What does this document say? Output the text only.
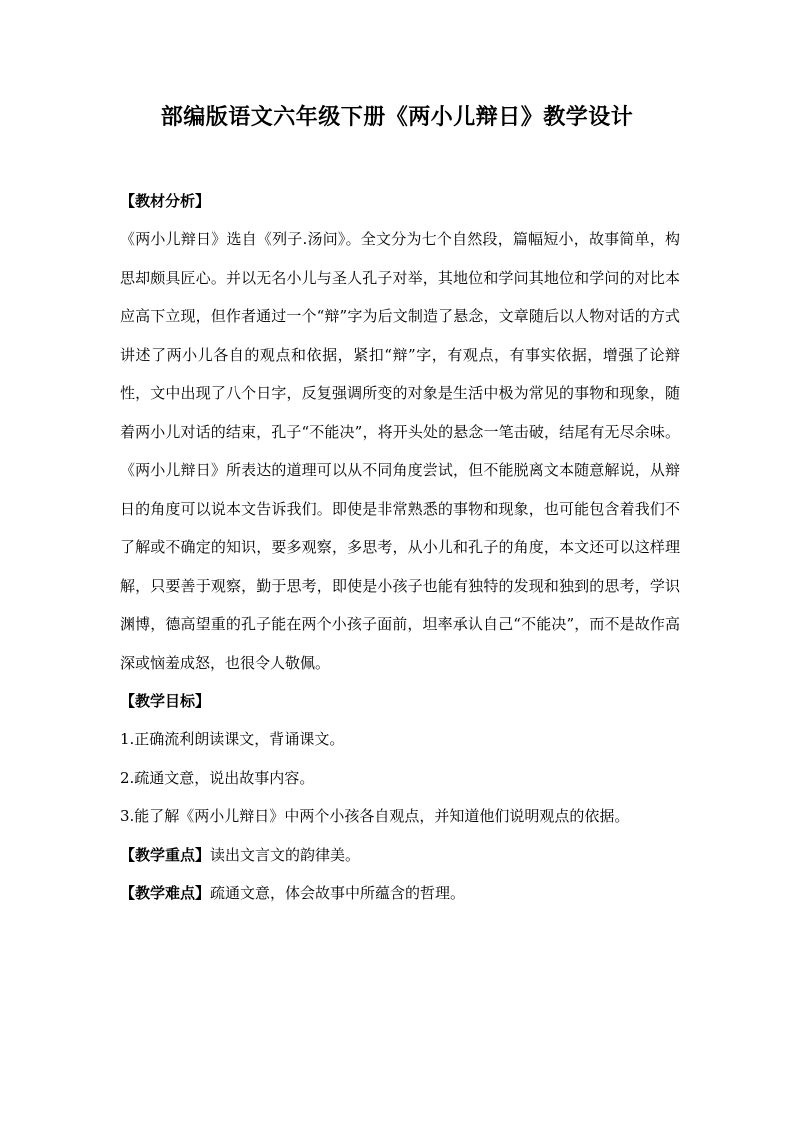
部编版语文六年级下册《两小儿辩日》教学设计
【教材分析】

《两小儿辩日》选自《列子.汤问》。全文分为七个自然段，篇幅短小，故事简单，构思却颇具匠心。并以无名小儿与圣人孔子对举，其地位和学问其地位和学问的对比本应高下立现，但作者通过一个“辩”字为后文制造了悬念，文章随后以人物对话的方式讲述了两小儿各自的观点和依据，紧扣“辩”字，有观点，有事实依据，增强了论辩性，文中出现了八个日字，反复强调所变的对象是生活中极为常见的事物和现象，随着两小儿对话的结束，孔子“不能决”，将开头处的悬念一笔击破，结尾有无尽余味。《两小儿辩日》所表达的道理可以从不同角度尝试，但不能脱离文本随意解说，从辩日的角度可以说本文告诉我们。即使是非常熟悉的事物和现象，也可能包含着我们不了解或不确定的知识，要多观察，多思考，从小儿和孔子的角度，本文还可以这样理解，只要善于观察，勤于思考，即使是小孩子也能有独特的发现和独到的思考，学识渊博，德高望重的孔子能在两个小孩子面前，坦率承认自己“不能决”，而不是故作高深或恼羞成怒，也很令人敬佩。

【教学目标】
1.正确流利朗读课文，背诵课文。
2.疏通文意，说出故事内容。
3.能了解《两小儿辩日》中两个小孩各自观点，并知道他们说明观点的依据。
【教学重点】读出文言文的韵律美。
【教学难点】疏通文意，体会故事中所蕴含的哲理。
